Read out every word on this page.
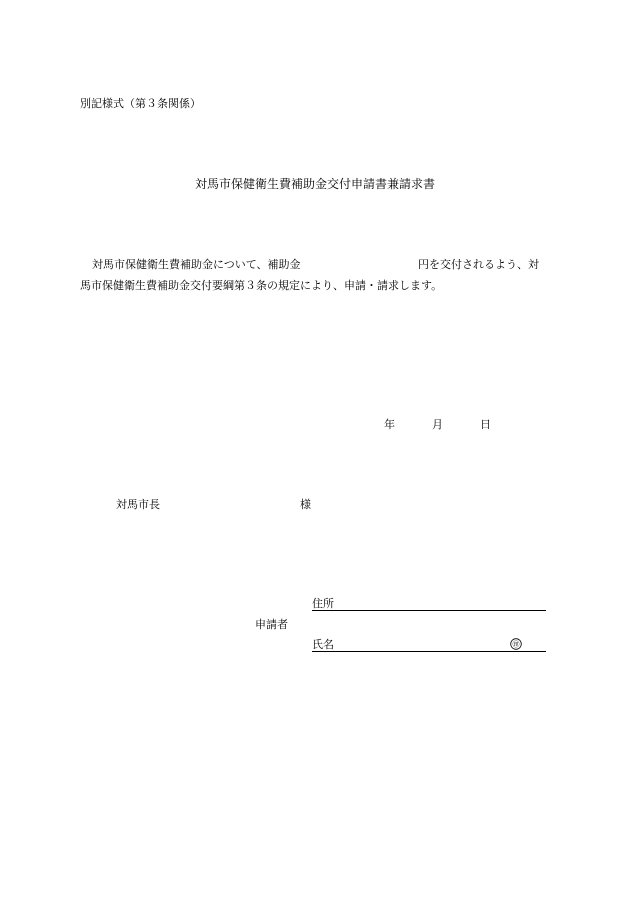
別記様式（第３条関係）
対馬市保健衛生費補助金交付申請書兼請求書
対馬市保健衛生費補助金について、補助金	円を交付されるよう、対
馬市保健衛生費補助金交付要綱第３条の規定により、申請・請求します。
年	月	日
対馬市長	様
申請者
住所
氏名	㊞
